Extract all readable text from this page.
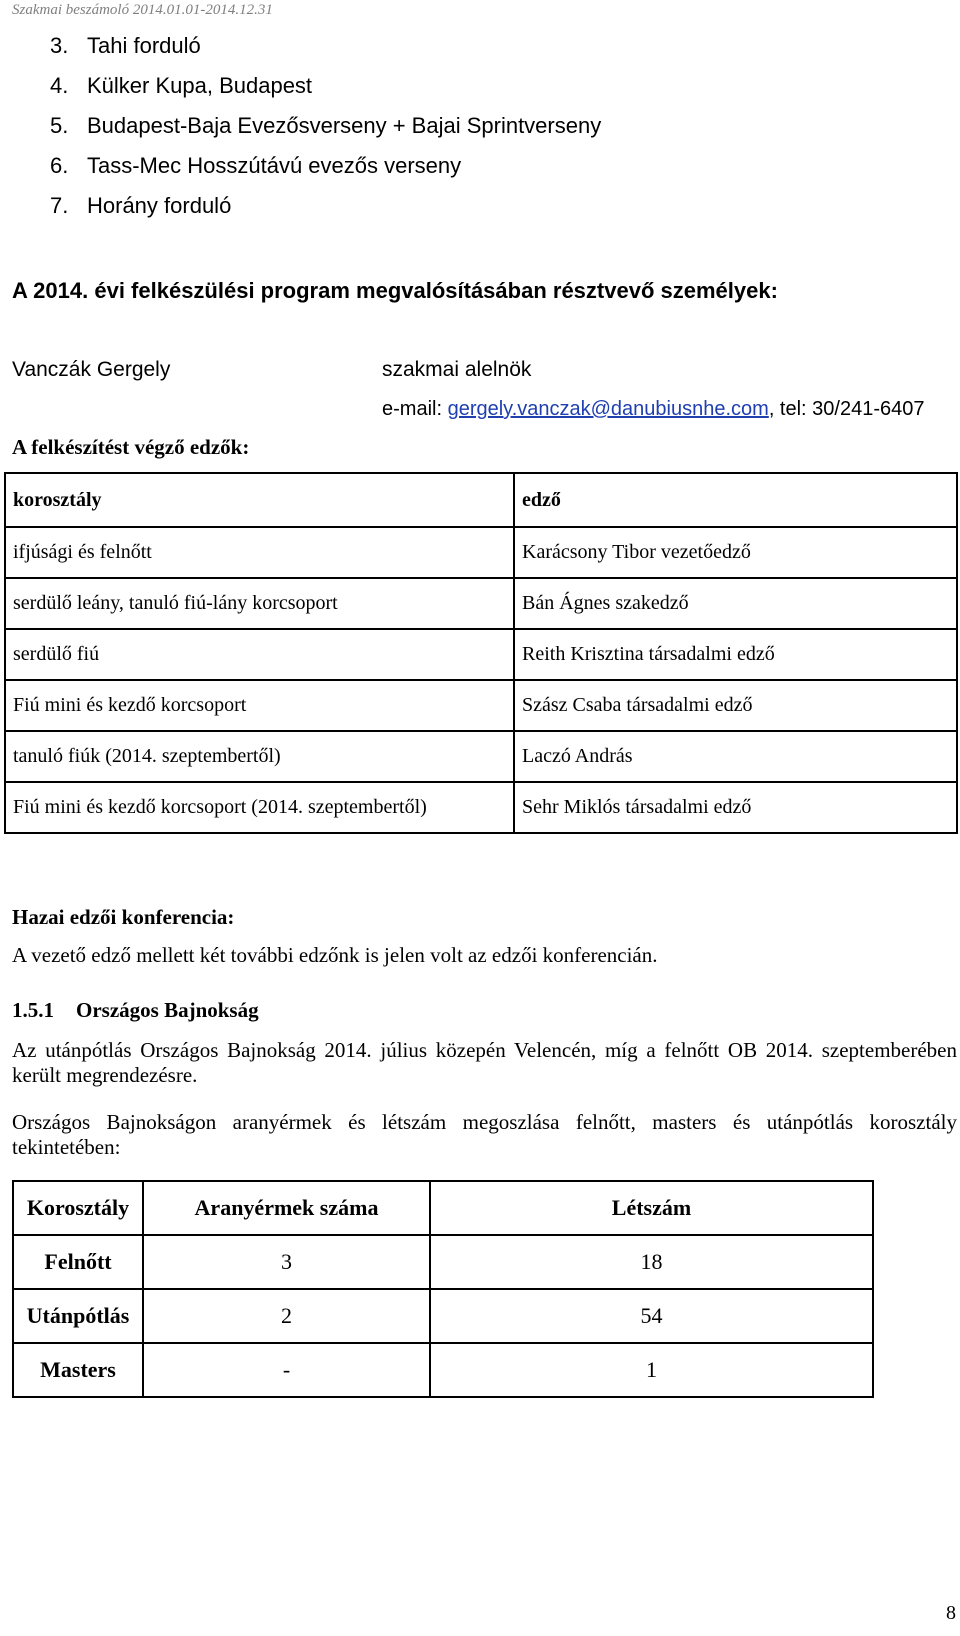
Szakmai beszámoló 2014.01.01-2014.12.31
3. Tahi forduló
4. Külker Kupa, Budapest
5. Budapest-Baja Evezősverseny + Bajai Sprintverseny
6. Tass-Mec Hosszútávú evezős verseny
7. Horány forduló
A 2014. évi felkészülési program megvalósításában résztvevő személyek:
Vanczák Gergely	szakmai alelnök
e-mail: gergely.vanczak@danubiusnhe.com, tel: 30/241-6407
A felkészítést végző edzők:
korosztály	edző
ifjúsági és felnőtt	Karácsony Tibor vezetőedző
serdülő leány, tanuló fiú-lány korcsoport	Bán Ágnes szakedző
serdülő fiú	Reith Krisztina társadalmi edző
Fiú mini és kezdő korcsoport	Szász Csaba társadalmi edző
tanuló fiúk (2014. szeptembertől)	Laczó András
Fiú mini és kezdő korcsoport (2014. szeptembertől)	Sehr Miklós társadalmi edző
Hazai edzői konferencia:
A vezető edző mellett két további edzőnk is jelen volt az edzői konferencián.
1.5.1 Országos Bajnokság
Az utánpótlás Országos Bajnokság 2014. július közepén Velencén, míg a felnőtt OB 2014. szeptemberében került megrendezésre.
Országos Bajnokságon aranyérmek és létszám megoszlása felnőtt, masters és utánpótlás korosztály tekintetében:
Korosztály	Aranyérmek száma	Létszám
Felnőtt	3	18
Utánpótlás	2	54
Masters	-	1
8
